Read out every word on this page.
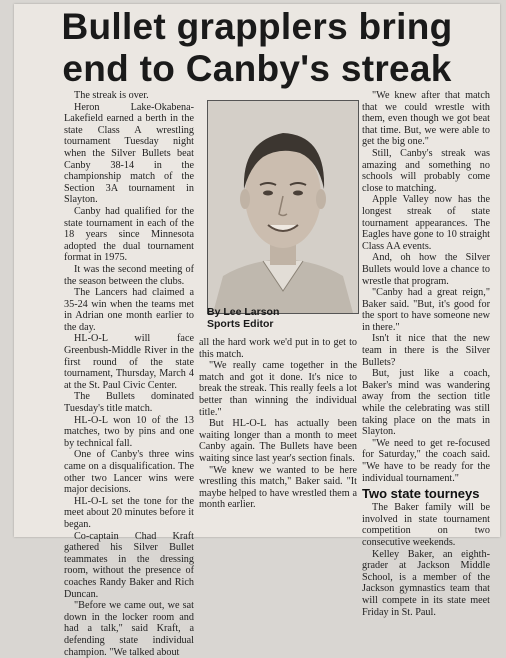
Bullet grapplers bring
end to Canby's streak

The streak is over.

Heron Lake-Okabena-Lakefield earned a berth in the state Class A wrestling tournament Tuesday night when the Silver Bullets beat Canby 38-14 in the championship match of the Section 3A tournament in Slayton.

Canby had qualified for the state tournament in each of the 18 years since Minnesota adopted the dual tournament format in 1975.

It was the second meeting of the season between the clubs.

The Lancers had claimed a 35-24 win when the teams met in Adrian one month earlier to the day.

HL-O-L will face Greenbush-Middle River in the first round of the state tournament, Thursday, March 4 at the St. Paul Civic Center.

The Bullets dominated Tuesday's title match.

HL-O-L won 10 of the 13 matches, two by pins and one by technical fall.

One of Canby's three wins came on a disqualification. The other two Lancer wins were major decisions.

HL-O-L set the tone for the meet about 20 minutes before it began.

Co-captain Chad Kraft gathered his Silver Bullet teammates in the dressing room, without the presence of coaches Randy Baker and Rich Duncan.

"Before we came out, we sat down in the locker room and had a talk," said Kraft, a defending state individual champion. "We talked about

By Lee Larson
Sports Editor

all the hard work we'd put in to get to this match.

"We really came together in the match and got it done. It's nice to break the streak. This really feels a lot better than winning the individual title."

But HL-O-L has actually been waiting longer than a month to meet Canby again. The Bullets have been waiting since last year's section finals.

"We knew we wanted to be here wrestling this match," Baker said. "It maybe helped to have wrestled them a month earlier.

"We knew after that match that we could wrestle with them, even though we got beat that time. But, we were able to get the big one."

Still, Canby's streak was amazing and something no schools will probably come close to matching.

Apple Valley now has the longest streak of state tournament appearances. The Eagles have gone to 10 straight Class AA events.

And, oh how the Silver Bullets would love a chance to wrestle that program.

"Canby had a great reign," Baker said. "But, it's good for the sport to have someone new in there."

Isn't it nice that the new team in there is the Silver Bullets?

But, just like a coach, Baker's mind was wandering away from the section title while the celebrating was still taking place on the mats in Slayton.

"We need to get re-focused for Saturday," the coach said. "We have to be ready for the individual tournament."

Two state tourneys

The Baker family will be involved in state tournament competition on two consecutive weekends.

Kelley Baker, an eighth-grader at Jackson Middle School, is a member of the Jackson gymnastics team that will compete in its state meet Friday in St. Paul.
